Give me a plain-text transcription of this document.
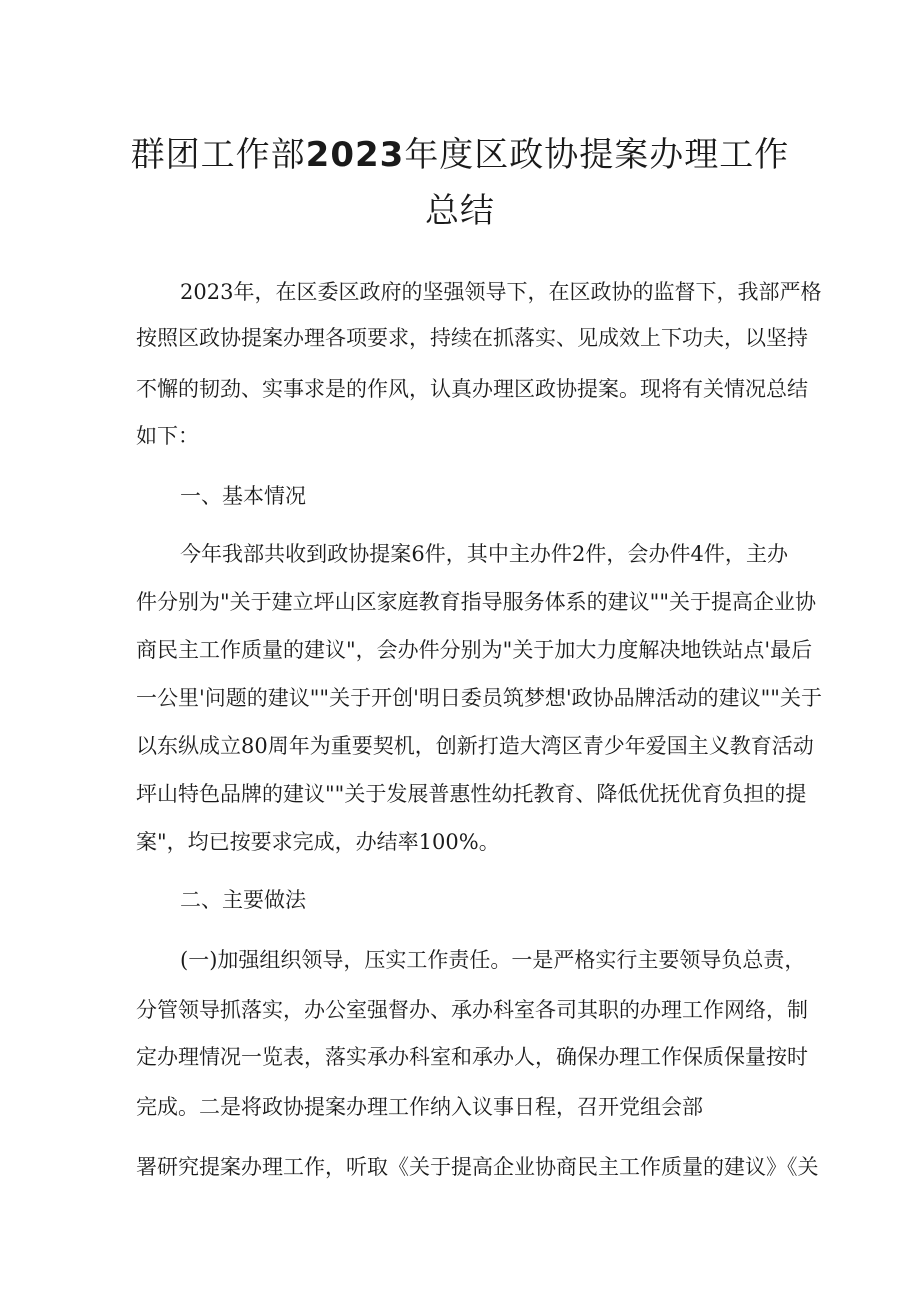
群团工作部2023年度区政协提案办理工作
总结
2023年，在区委区政府的坚强领导下，在区政协的监督下，我部严格
按照区政协提案办理各项要求，持续在抓落实、见成效上下功夫，以坚持
不懈的韧劲、实事求是的作风，认真办理区政协提案。现将有关情况总结
如下：
一、基本情况
今年我部共收到政协提案6件，其中主办件2件，会办件4件，主办
件分别为"关于建立坪山区家庭教育指导服务体系的建议""关于提高企业协
商民主工作质量的建议"，会办件分别为"关于加大力度解决地铁站点'最后
一公里'问题的建议""关于开创'明日委员筑梦想'政协品牌活动的建议""关于
以东纵成立80周年为重要契机，创新打造大湾区青少年爱国主义教育活动
坪山特色品牌的建议""关于发展普惠性幼托教育、降低优抚优育负担的提
案"，均已按要求完成，办结率100%。
二、主要做法
(一)加强组织领导，压实工作责任。一是严格实行主要领导负总责，
分管领导抓落实，办公室强督办、承办科室各司其职的办理工作网络，制
定办理情况一览表，落实承办科室和承办人，确保办理工作保质保量按时
完成。二是将政协提案办理工作纳入议事日程，召开党组会部
署研究提案办理工作，听取《关于提高企业协商民主工作质量的建议》《关
